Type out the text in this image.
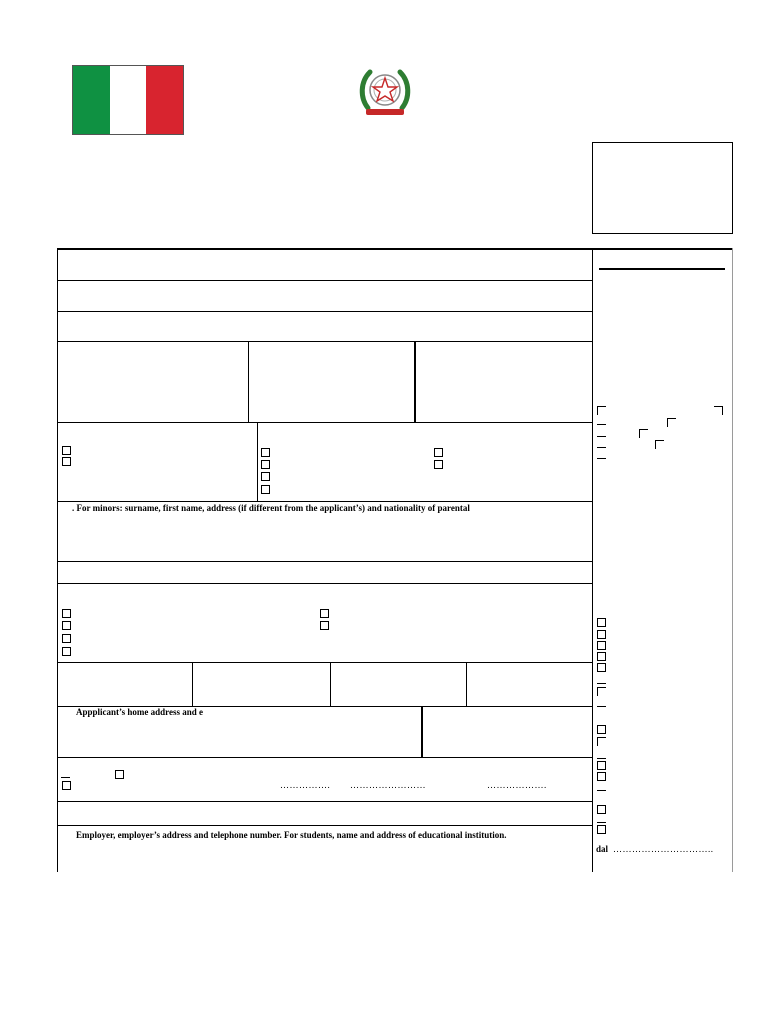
. For minors: surname, first name, address (if different from the applicant’s) and nationality of parental
Appplicant’s home address and e
Employer, employer’s address and telephone number. For students, name and address of educational institution.
……………. ……………………	……………….
dal …………………………..
